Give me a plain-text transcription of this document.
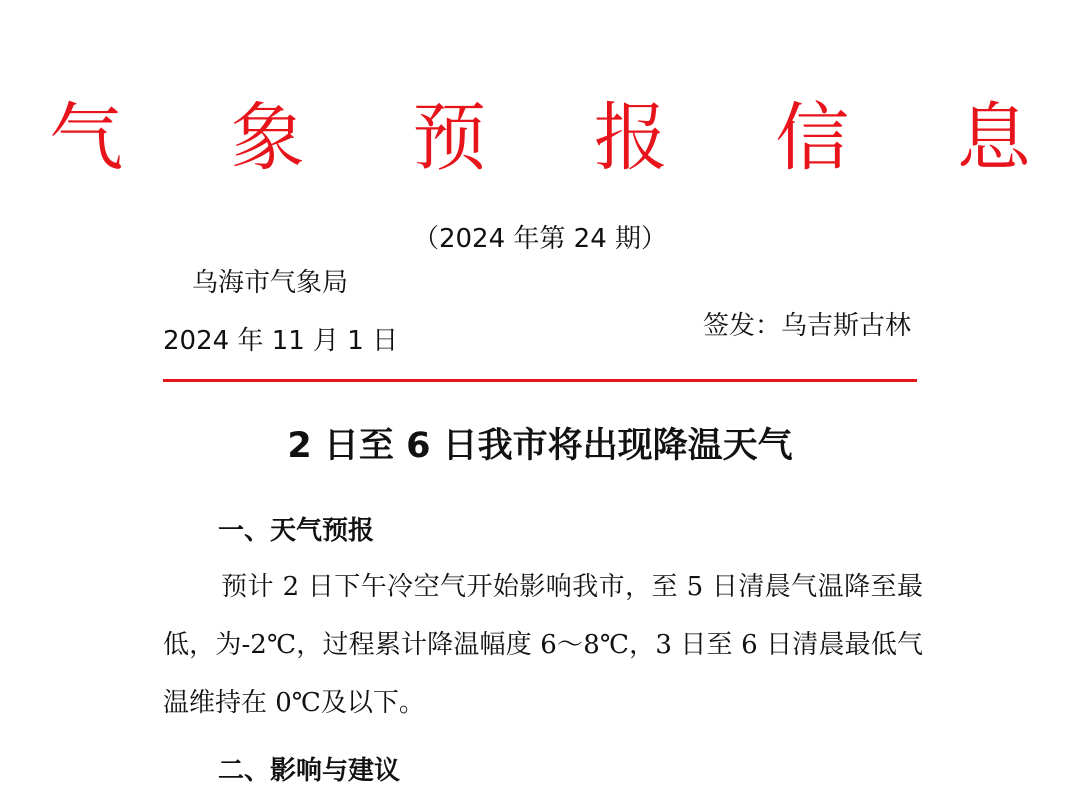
气 象 预 报 信 息
（2024 年第 24 期）
乌海市气象局
签发：乌吉斯古林
2024 年 11 月 1 日
2 日至 6 日我市将出现降温天气
一、天气预报
预计 2 日下午冷空气开始影响我市，至 5 日清晨气温降至最低，为-2℃，过程累计降温幅度 6～8℃，3 日至 6 日清晨最低气温维持在 0℃及以下。
二、影响与建议
